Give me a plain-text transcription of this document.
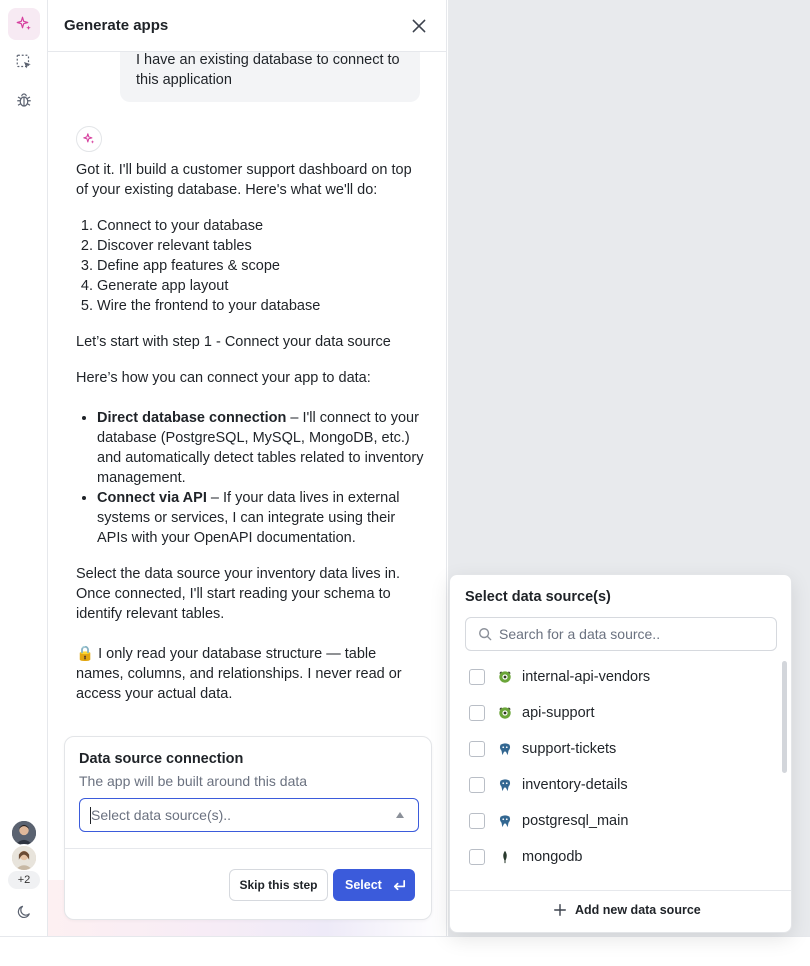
+2
I have an existing database to connect to this application
Generate apps
Got it. I'll build a customer support dashboard on top of your existing database. Here's what we'll do:
1. Connect to your database
2. Discover relevant tables
3. Define app features & scope
4. Generate app layout
5. Wire the frontend to your database
Let’s start with step 1 - Connect your data source
Here’s how you can connect your app to data:
• Direct database connection – I'll connect to your database (PostgreSQL, MySQL, MongoDB, etc.) and automatically detect tables related to inventory management.
• Connect via API – If your data lives in external systems or services, I can integrate using their APIs with your OpenAPI documentation.
Select the data source your inventory data lives in. Once connected, I'll start reading your schema to identify relevant tables.
🔒 I only read your database structure — table names, columns, and relationships. I never read or access your actual data.
Data source connection
The app will be built around this data
Select data source(s)..
Skip this step	Select
Select data source(s)
Search for a data source..
internal-api-vendors
api-support
support-tickets
inventory-details
postgresql_main
mongodb
Add new data source
